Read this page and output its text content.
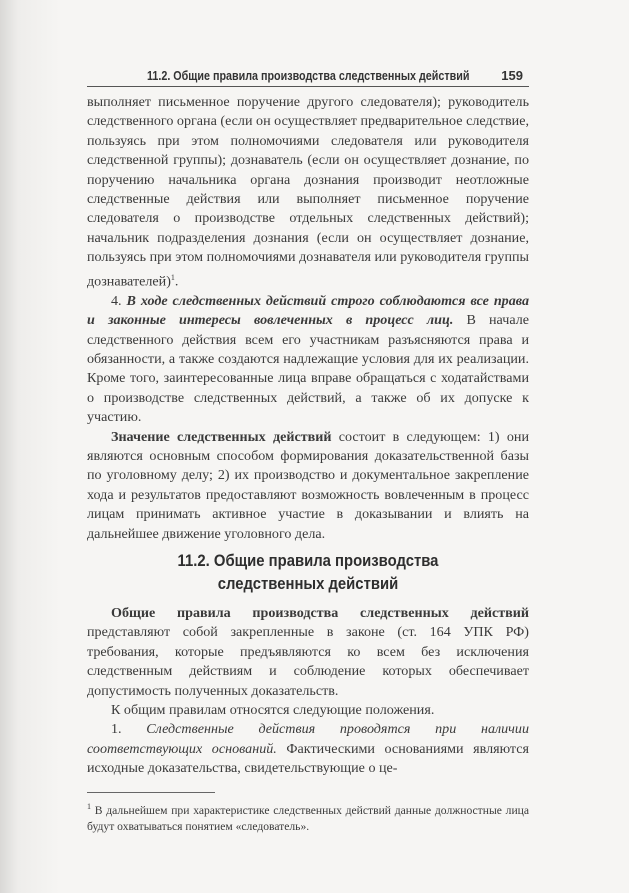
11.2. Общие правила производства следственных действий 159

выполняет письменное поручение другого следователя); руководитель следственного органа (если он осуществляет предварительное следствие, пользуясь при этом полномочиями следователя или руководителя следственной группы); дознаватель (если он осуществляет дознание, по поручению начальника органа дознания производит неотложные следственные действия или выполняет письменное поручение следователя о производстве отдельных следственных действий); начальник подразделения дознания (если он осуществляет дознание, пользуясь при этом полномочиями дознавателя или руководителя группы дознавателей)$^1$.

4. В ходе следственных действий строго соблюдаются все права и законные интересы вовлеченных в процесс лиц. В начале следственного действия всем его участникам разъясняются права и обязанности, а также создаются надлежащие условия для их реализации. Кроме того, заинтересованные лица вправе обращаться с ходатайствами о производстве следственных действий, а также об их допуске к участию.

Значение следственных действий состоит в следующем: 1) они являются основным способом формирования доказательственной базы по уголовному делу; 2) их производство и документальное закрепление хода и результатов предоставляют возможность вовлеченным в процесс лицам принимать активное участие в доказывании и влиять на дальнейшее движение уголовного дела.

11.2. Общие правила производства
следственных действий

Общие правила производства следственных действий представляют собой закрепленные в законе (ст. 164 УПК РФ) требования, которые предъявляются ко всем без исключения следственным действиям и соблюдение которых обеспечивает допустимость полученных доказательств.

К общим правилам относятся следующие положения.

1. Следственные действия проводятся при наличии соответствующих оснований. Фактическими основаниями являются исходные доказательства, свидетельствующие о це-

$^1$ В дальнейшем при характеристике следственных действий данные должностные лица будут охватываться понятием «следователь».
